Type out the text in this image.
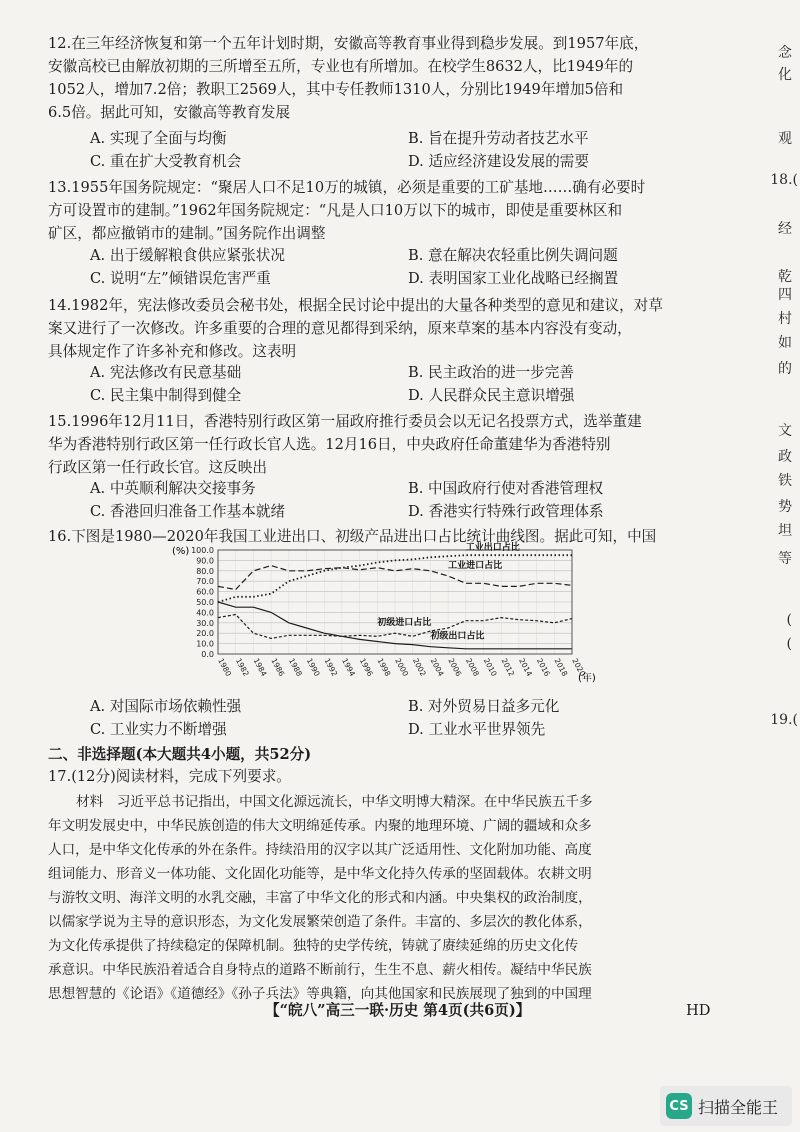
12.在三年经济恢复和第一个五年计划时期，安徽高等教育事业得到稳步发展。到1957年底，

安徽高校已由解放初期的三所增至五所，专业也有所增加。在校学生8632人，比1949年的

1052人，增加7.2倍；教职工2569人，其中专任教师1310人，分别比1949年增加5倍和

6.5倍。据此可知，安徽高等教育发展

A. 实现了全面与均衡	B. 旨在提升劳动者技艺水平
C. 重在扩大受教育机会	D. 适应经济建设发展的需要

13.1955年国务院规定：“聚居人口不足10万的城镇，必须是重要的工矿基地……确有必要时

方可设置市的建制。”1962年国务院规定：“凡是人口10万以下的城市，即使是重要林区和

矿区，都应撤销市的建制。”国务院作出调整

A. 出于缓解粮食供应紧张状况	B. 意在解决农轻重比例失调问题
C. 说明“左”倾错误危害严重	D. 表明国家工业化战略已经搁置

14.1982年，宪法修改委员会秘书处，根据全民讨论中提出的大量各种类型的意见和建议，对草

案又进行了一次修改。许多重要的合理的意见都得到采纳，原来草案的基本内容没有变动，

具体规定作了许多补充和修改。这表明

A. 宪法修改有民意基础	B. 民主政治的进一步完善
C. 民主集中制得到健全	D. 人民群众民主意识增强

15.1996年12月11日，香港特别行政区第一届政府推行委员会以无记名投票方式，选举董建

华为香港特别行政区第一任行政长官人选。12月16日，中央政府任命董建华为香港特别

行政区第一任行政长官。这反映出

A. 中英顺利解决交接事务	B. 中国政府行使对香港管理权
C. 香港回归准备工作基本就绪	D. 香港实行特殊行政管理体系

16.下图是1980—2020年我国工业进出口、初级产品进出口占比统计曲线图。据此可知，中国

(%)
0.0
10.0
20.0
30.0
40.0
50.0
60.0
70.0
80.0
90.0
100.0
1980 1982 1984 1986 1988 1990 1992 1994 1996 1998 2000 2002 2004 2006 2008 2010 2012 2014 2016 2018 2020
工业出口占比
工业进口占比
初级进口占比
初级出口占比
(年)
A. 对国际市场依赖性强	B. 对外贸易日益多元化
C. 工业实力不断增强	D. 工业水平世界领先
二、非选择题(本大题共4小题，共52分)
17.(12分)阅读材料，完成下列要求。
材料　习近平总书记指出，中国文化源远流长，中华文明博大精深。在中华民族五千多
年文明发展史中，中华民族创造的伟大文明绵延传承。内聚的地理环境、广阔的疆域和众多
人口，是中华文化传承的外在条件。持续沿用的汉字以其广泛适用性、文化附加功能、高度
组词能力、形音义一体功能、文化固化功能等，是中华文化持久传承的坚固载体。农耕文明
与游牧文明、海洋文明的水乳交融，丰富了中华文化的形式和内涵。中央集权的政治制度，
以儒家学说为主导的意识形态，为文化发展繁荣创造了条件。丰富的、多层次的教化体系，
为文化传承提供了持续稳定的保障机制。独特的史学传统，铸就了赓续延绵的历史文化传
承意识。中华民族沿着适合自身特点的道路不断前行，生生不息、薪火相传。凝结中华民族
思想智慧的《论语》《道德经》《孙子兵法》等典籍，向其他国家和民族展现了独到的中国理
【“皖八”高三一联·历史 第4页(共6页)】	HD
念
化
观
18.(
经
乾
四
村
如
的
文
政
铁
势
坦
等
(
(
19.(
CS 扫描全能王
